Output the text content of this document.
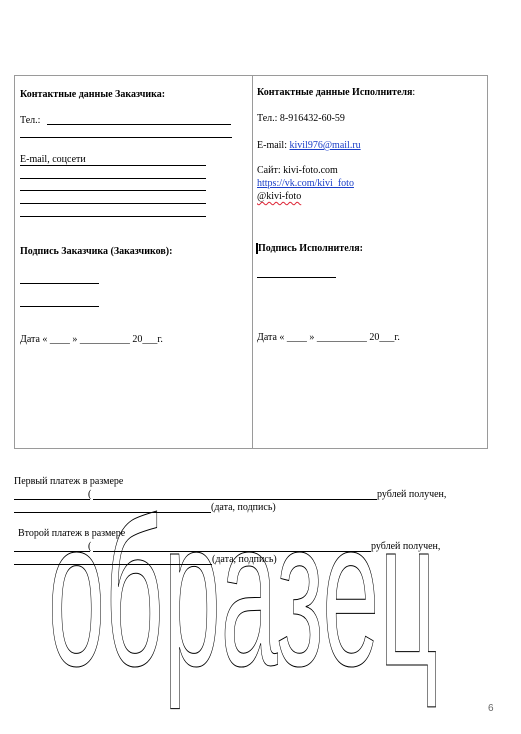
Контактные данные Заказчика:
Тел.:
E-mail, соцсети
Подпись Заказчика (Заказчиков):
Дата « ____ » __________ 20___г.
Контактные данные Исполнителя:
Тел.: 8-916432-60-59
E-mail: kivil976@mail.ru
Сайт: kivi-foto.com
https://vk.com/kivi_foto
@kivi-foto
Подпись Исполнителя:
Дата « ____ » __________ 20___г.
Первый платеж в размере
(	рублей получен,
(дата, подпись)
Второй платеж в размере
(	рублей получен,
(дата, подпись)
образец	6
